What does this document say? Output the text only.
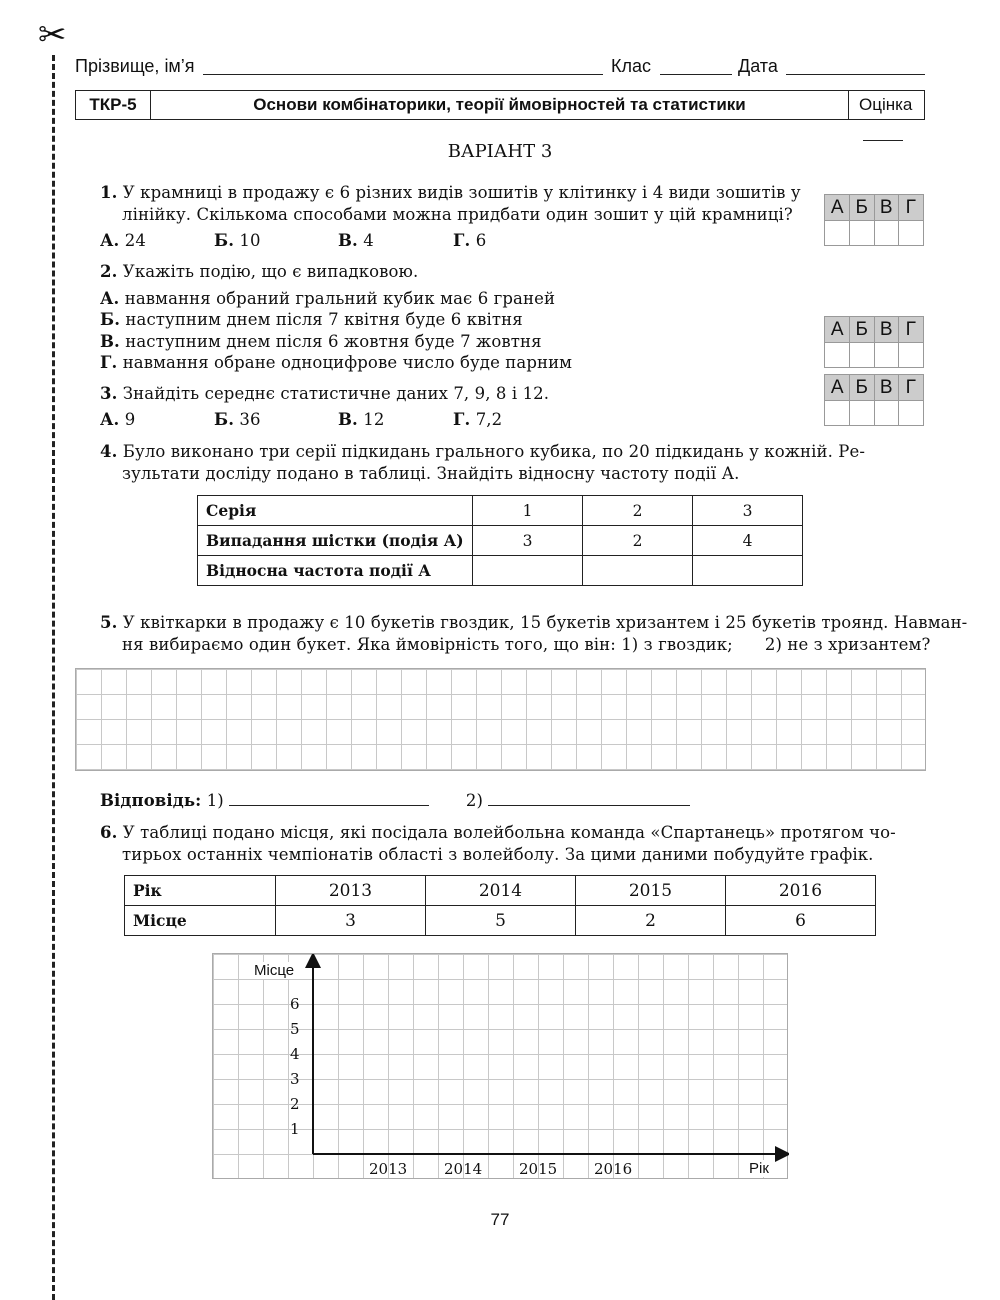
✂
Прізвище, ім’я	Клас	Дата
ТКР-5	Основи комбінаторики, теорії ймовірностей та статистики	Оцінка
ВАРІАНТ 3
1. У крамниці в продажу є 6 різних видів зошитів у клітинку і 4 види зошитів у
лінійку. Скількома способами можна придбати один зошит у цій крамниці?
А. 24	Б. 10	В. 4	Г. 6
А Б В Г
А Б В Г
А Б В Г
2. Укажіть подію, що є випадковою.
А. навмання обраний гральний кубик має 6 граней
Б. наступним днем після 7 квітня буде 6 квітня
В. наступним днем після 6 жовтня буде 7 жовтня
Г. навмання обране одноцифрове число буде парним
3. Знайдіть середнє статистичне даних 7, 9, 8 і 12.
А. 9	Б. 36	В. 12	Г. 7,2
4. Було виконано три серії підкидань грального кубика, по 20 підкидань у кожній. Ре-
зультати досліду подано в таблиці. Знайдіть відносну частоту події А.
Серія	1	2	3
Випадання шістки (подія А)	3	2	4
Відносна частота події А			
5. У квіткарки в продажу є 10 букетів гвоздик, 15 букетів хризантем і 25 букетів троянд. Навман-
ня вибираємо один букет. Яка ймовірність того, що він: 1) з гвоздик;      2) не з хризантем?
Відповідь: 1)	2)
6. У таблиці подано місця, які посідала волейбольна команда «Спартанець» протягом чо-
тирьох останніх чемпіонатів області з волейболу. За цими даними побудуйте графік.
Рік	2013	2014	2015	2016
Місце	3	5	2	6
Місце
Рік
1
2
3
4
5
6
2013 2014 2015 2016
77
